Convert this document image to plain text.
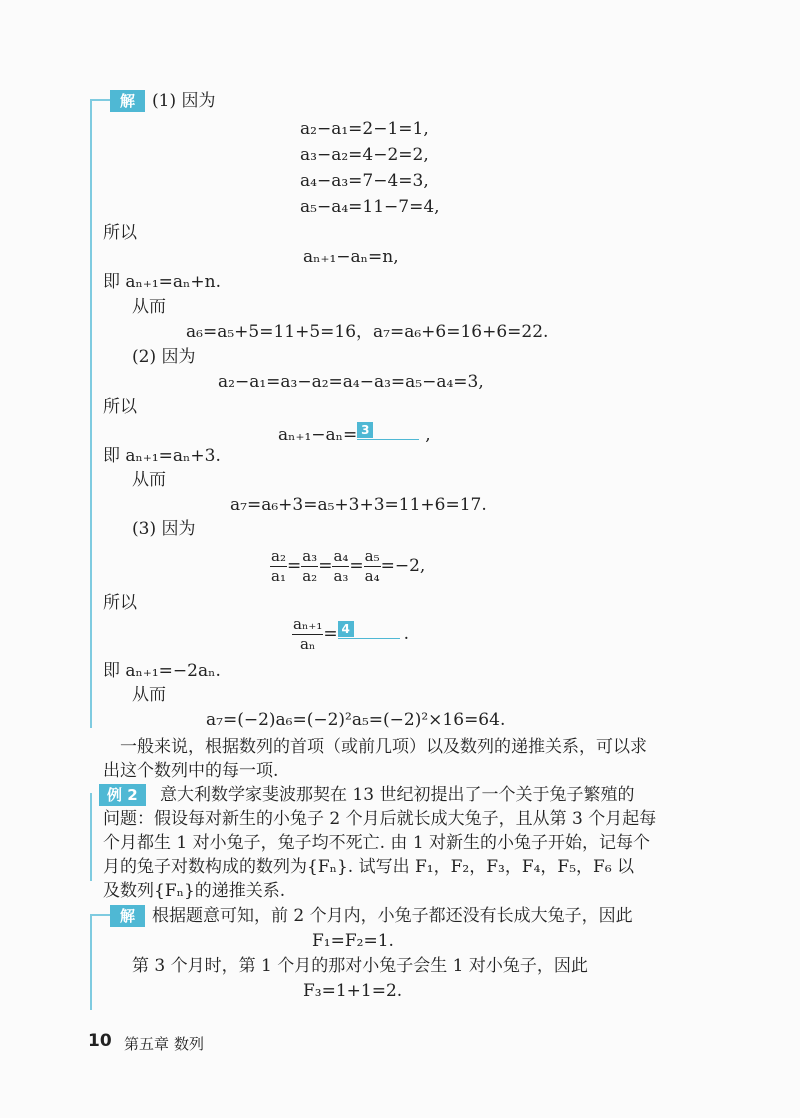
解 (1) 因为
a₂−a₁=2−1=1,
a₃−a₂=4−2=2,
a₄−a₃=7−4=3,
a₅−a₄=11−7=4,
所以
aₙ₊₁−aₙ=n,
即 aₙ₊₁=aₙ+n.
从而
a₆=a₅+5=11+5=16，a₇=a₆+6=16+6=22.
(2) 因为
a₂−a₁=a₃−a₂=a₄−a₃=a₅−a₄=3,
所以
aₙ₊₁−aₙ= 3	,
即 aₙ₊₁=aₙ+3.
从而
a₇=a₆+3=a₅+3+3=11+6=17.
(3) 因为
$\frac{\text{a₂}}{\text{a₁}} = \frac{\text{a₃}}{\text{a₂}} = \frac{\text{a₄}}{\text{a₃}} = \frac{\text{a₅}}{\text{a₄}} =-2$,
所以
$\frac{\text{aₙ₊₁}}{\text{aₙ}} = 4$	.
即 aₙ₊₁=−2aₙ.
从而
a₇=(−2)a₆=(−2)²a₅=(−2)²×16=64.
一般来说，根据数列的首项（或前几项）以及数列的递推关系，可以求
出这个数列中的每一项.
例 2	意大利数学家斐波那契在 13 世纪初提出了一个关于兔子繁殖的
问题：假设每对新生的小兔子 2 个月后就长成大兔子，且从第 3 个月起每
个月都生 1 对小兔子，兔子均不死亡. 由 1 对新生的小兔子开始，记每个
月的兔子对数构成的数列为{Fₙ}. 试写出 F₁，F₂，F₃，F₄，F₅，F₆ 以
及数列{Fₙ}的递推关系.
解 根据题意可知，前 2 个月内，小兔子都还没有长成大兔子，因此
F₁=F₂=1.
第 3 个月时，第 1 个月的那对小兔子会生 1 对小兔子，因此
F₃=1+1=2.
10 第五章 数列
